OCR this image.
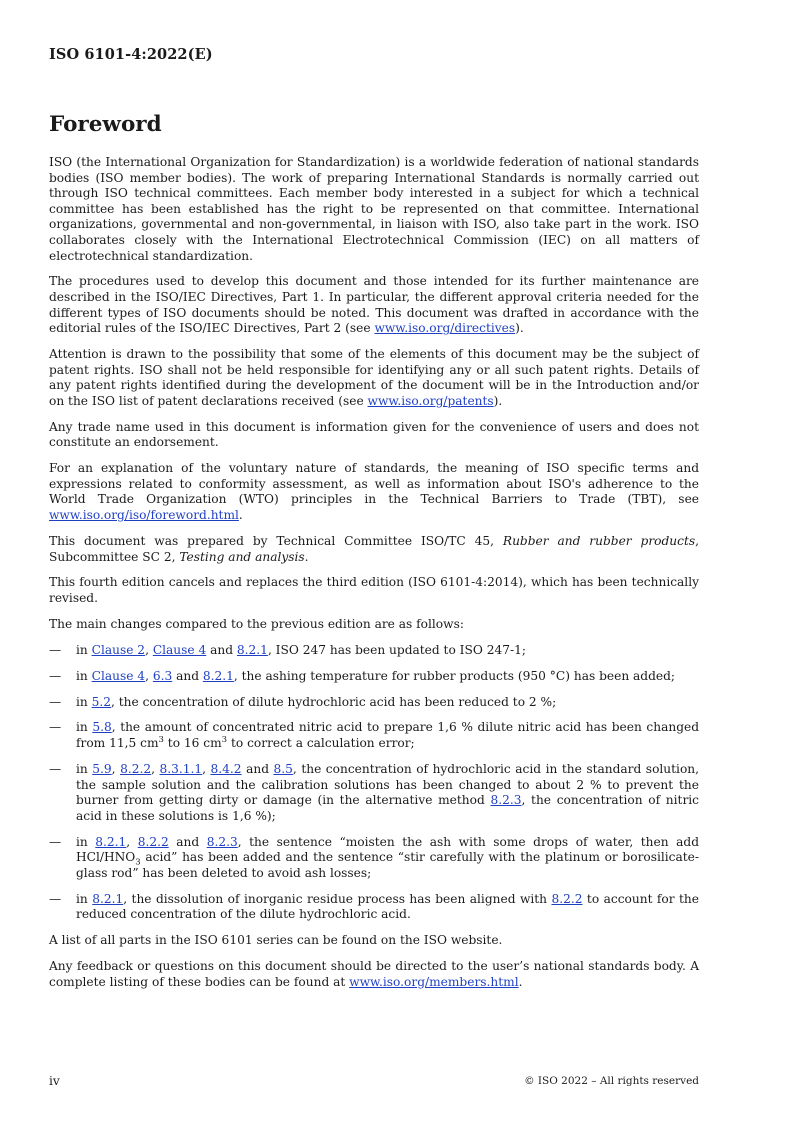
ISO 6101-4:2022(E)
Foreword

ISO (the International Organization for Standardization) is a worldwide federation of national standards bodies (ISO member bodies). The work of preparing International Standards is normally carried out through ISO technical committees. Each member body interested in a subject for which a technical committee has been established has the right to be represented on that committee. International organizations, governmental and non-governmental, in liaison with ISO, also take part in the work. ISO collaborates closely with the International Electrotechnical Commission (IEC) on all matters of electrotechnical standardization.

The procedures used to develop this document and those intended for its further maintenance are described in the ISO/IEC Directives, Part 1. In particular, the different approval criteria needed for the different types of ISO documents should be noted. This document was drafted in accordance with the editorial rules of the ISO/IEC Directives, Part 2 (see www.iso.org/directives).

Attention is drawn to the possibility that some of the elements of this document may be the subject of patent rights. ISO shall not be held responsible for identifying any or all such patent rights. Details of any patent rights identified during the development of the document will be in the Introduction and/or on the ISO list of patent declarations received (see www.iso.org/patents).

Any trade name used in this document is information given for the convenience of users and does not constitute an endorsement.

For an explanation of the voluntary nature of standards, the meaning of ISO specific terms and expressions related to conformity assessment, as well as information about ISO's adherence to the World Trade Organization (WTO) principles in the Technical Barriers to Trade (TBT), see www.iso.org/iso/foreword.html.

This document was prepared by Technical Committee ISO/TC 45, Rubber and rubber products, Subcommittee SC 2, Testing and analysis.

This fourth edition cancels and replaces the third edition (ISO 6101-4:2014), which has been technically revised.

The main changes compared to the previous edition are as follows:

— in Clause 2, Clause 4 and 8.2.1, ISO 247 has been updated to ISO 247-1;
— in Clause 4, 6.3 and 8.2.1, the ashing temperature for rubber products (950 °C) has been added;
— in 5.2, the concentration of dilute hydrochloric acid has been reduced to 2 %;
— in 5.8, the amount of concentrated nitric acid to prepare 1,6 % dilute nitric acid has been changed from 11,5 $cm^3$ to 16 $cm^3$ to correct a calculation error;
— in 5.9, 8.2.2, 8.3.1.1, 8.4.2 and 8.5, the concentration of hydrochloric acid in the standard solution, the sample solution and the calibration solutions has been changed to about 2 % to prevent the burner from getting dirty or damage (in the alternative method 8.2.3, the concentration of nitric acid in these solutions is 1,6 %);
— in 8.2.1, 8.2.2 and 8.2.3, the sentence “moisten the ash with some drops of water, then add HCl/$HNO_3$ acid” has been added and the sentence “stir carefully with the platinum or borosilicate-glass rod” has been deleted to avoid ash losses;
— in 8.2.1, the dissolution of inorganic residue process has been aligned with 8.2.2 to account for the reduced concentration of the dilute hydrochloric acid.

A list of all parts in the ISO 6101 series can be found on the ISO website.

Any feedback or questions on this document should be directed to the user’s national standards body. A complete listing of these bodies can be found at www.iso.org/members.html.

iv	© ISO 2022 – All rights reserved
